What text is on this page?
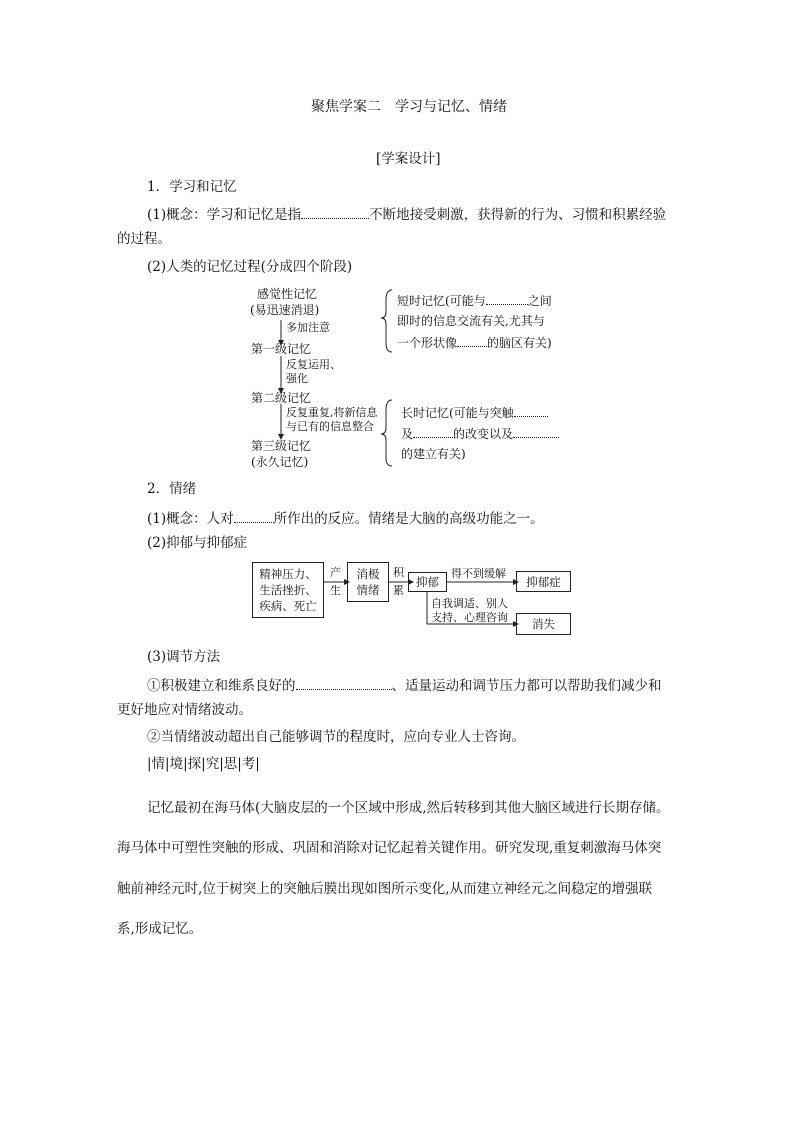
聚焦学案二　学习与记忆、情绪
[学案设计]
1．学习和记忆
(1)概念：学习和记忆是指	不断地接受刺激，获得新的行为、习惯和积累经验
的过程。
(2)人类的记忆过程(分成四个阶段)
感觉性记忆
(易迅速消退)
多加注意
第一级记忆
反复运用、
强化
第二级记忆
反复重复,将新信息
与已有的信息整合
第三级记忆
(永久记忆)
短时记忆(可能与	之间
即时的信息交流有关,尤其与
一个形状像	的脑区有关)
长时记忆(可能与突触
及	的改变以及
的建立有关)
2．情绪
(1)概念：人对	所作出的反应。情绪是大脑的高级功能之一。
(2)抑郁与抑郁症
精神压力、
生活挫折、
疾病、死亡
产
生
消极
情绪
积
累
抑郁
得不到缓解
抑郁症
自我调适、别人
支持、心理咨询	消失
(3)调节方法
①积极建立和维系良好的	、适量运动和调节压力都可以帮助我们减少和
更好地应对情绪波动。
②当情绪波动超出自己能够调节的程度时，应向专业人士咨询。
|情|境|探|究|思|考|
记忆最初在海马体(大脑皮层的一个区域中形成,然后转移到其他大脑区域进行长期存储。
海马体中可塑性突触的形成、巩固和消除对记忆起着关键作用。研究发现,重复刺激海马体突
触前神经元时,位于树突上的突触后膜出现如图所示变化,从而建立神经元之间稳定的增强联
系,形成记忆。
